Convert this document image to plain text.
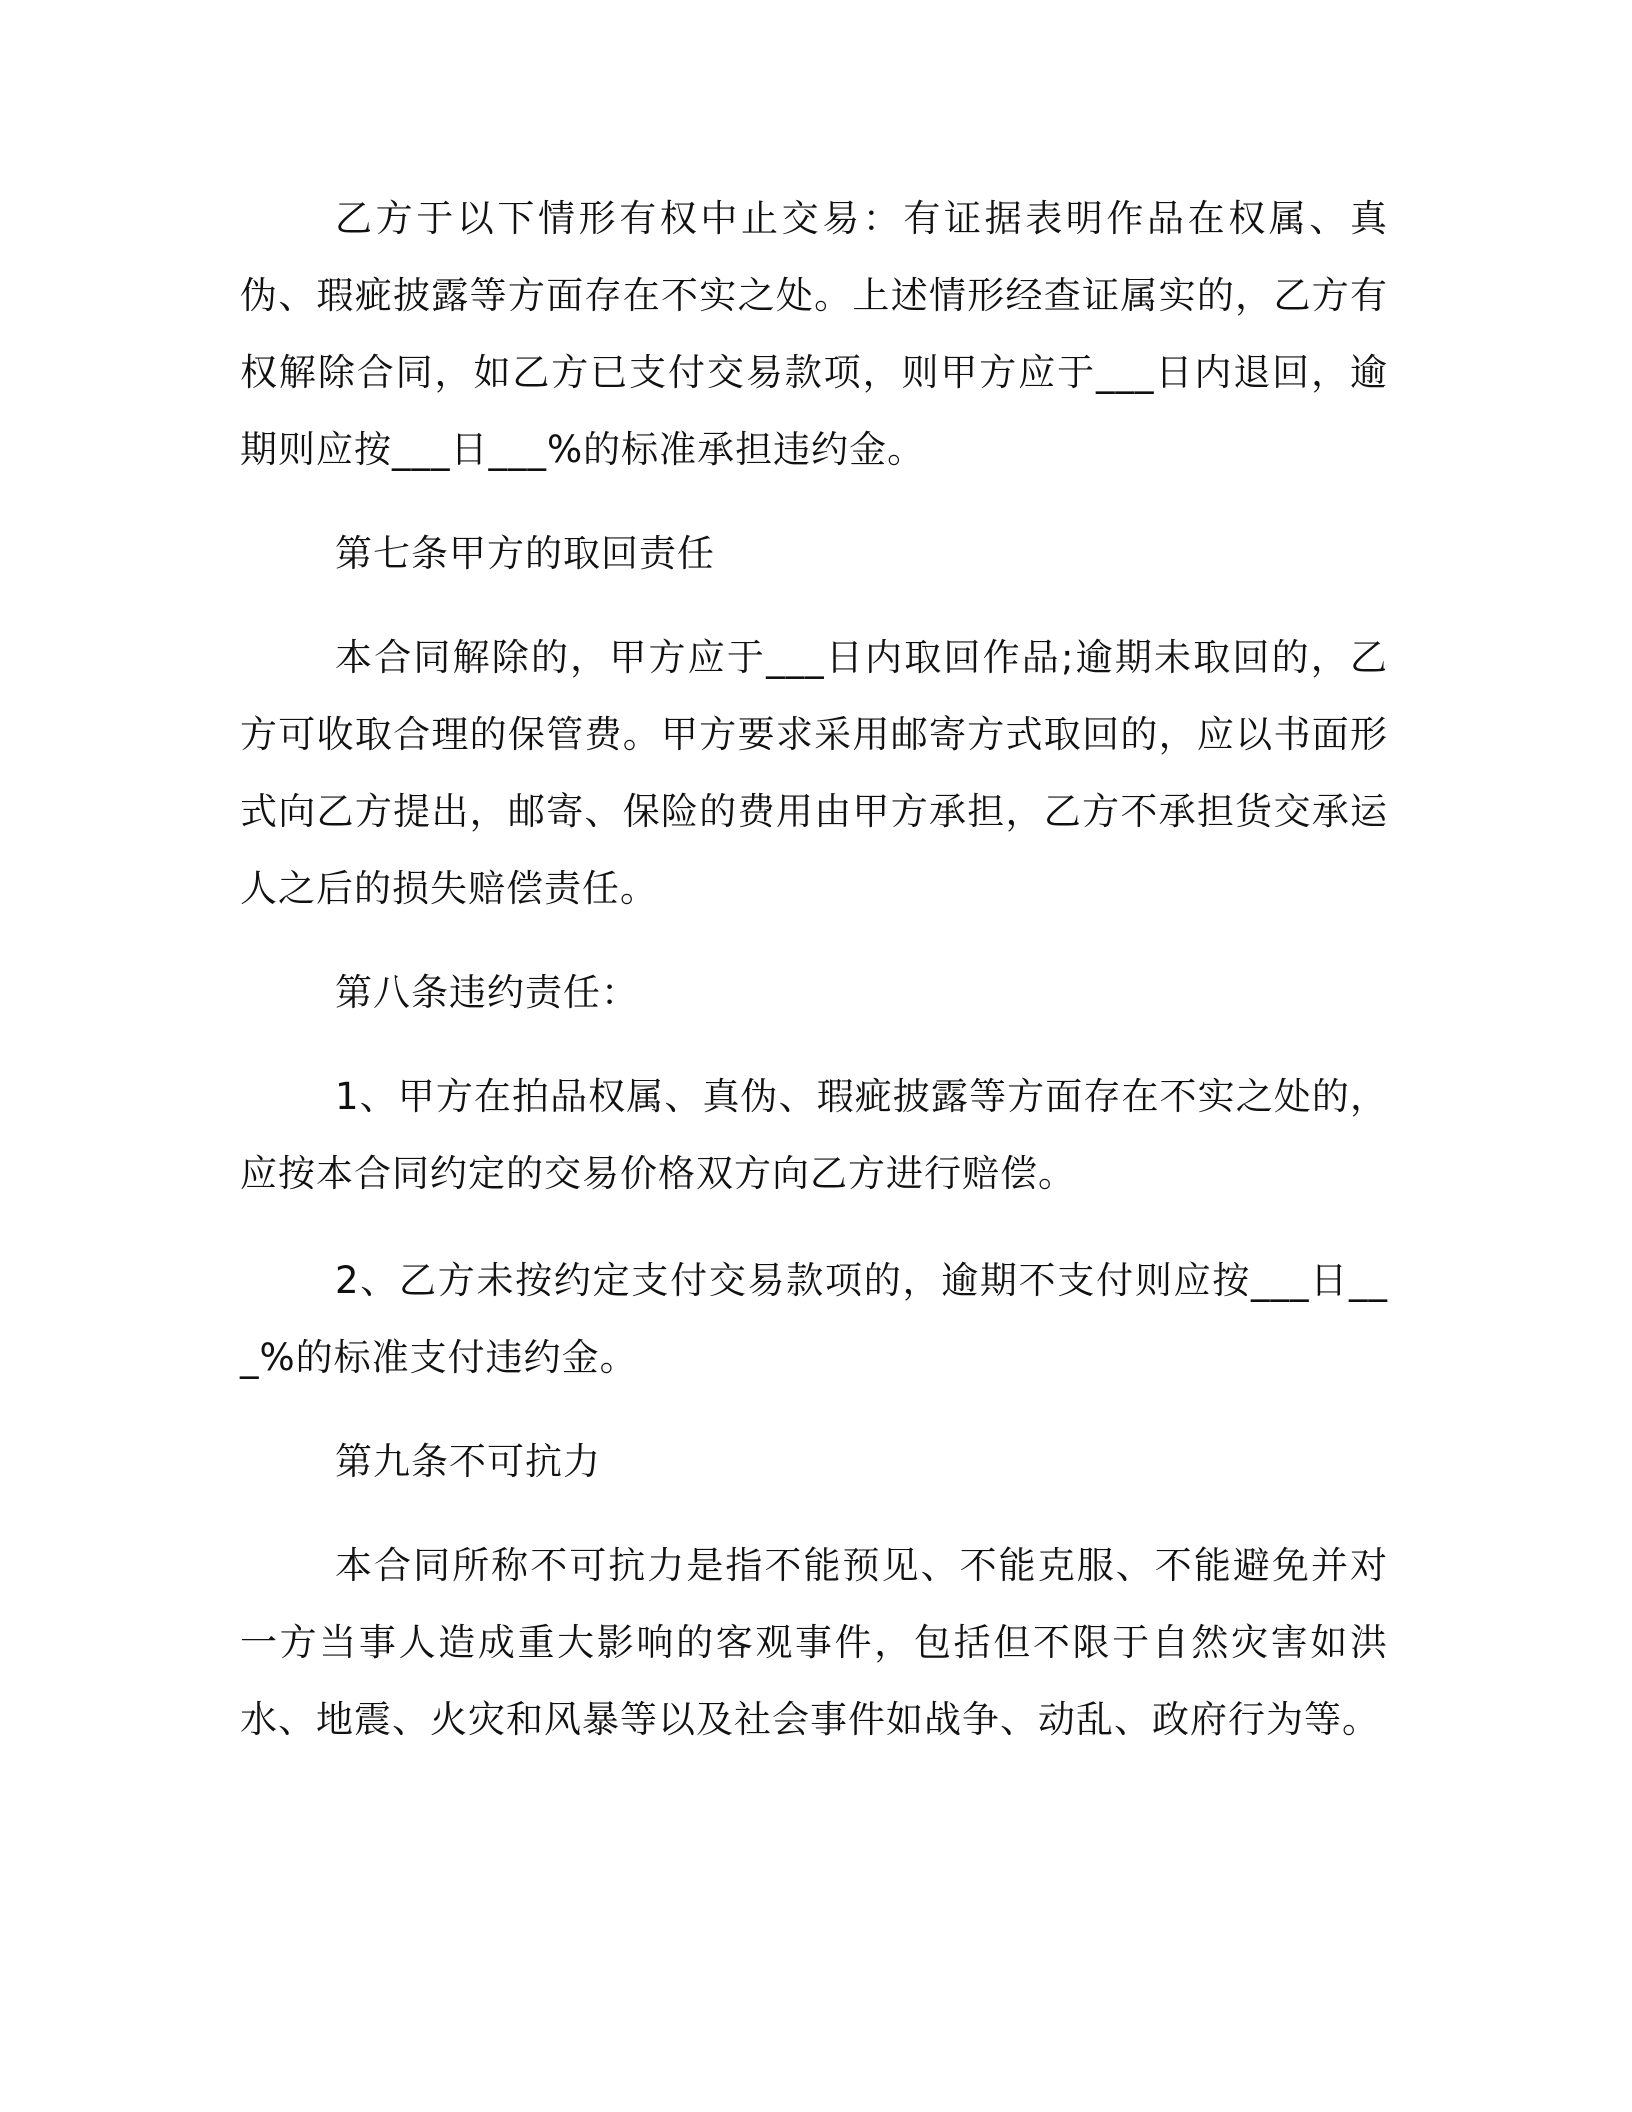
乙方于以下情形有权中止交易：有证据表明作品在权属、真伪、瑕疵披露等方面存在不实之处。上述情形经查证属实的，乙方有权解除合同，如乙方已支付交易款项，则甲方应于___日内退回，逾期则应按___日___%的标准承担违约金。

第七条甲方的取回责任

本合同解除的，甲方应于___日内取回作品;逾期未取回的，乙方可收取合理的保管费。甲方要求采用邮寄方式取回的，应以书面形式向乙方提出，邮寄、保险的费用由甲方承担，乙方不承担货交承运人之后的损失赔偿责任。

第八条违约责任：

1、甲方在拍品权属、真伪、瑕疵披露等方面存在不实之处的，应按本合同约定的交易价格双方向乙方进行赔偿。

2、乙方未按约定支付交易款项的，逾期不支付则应按___日___%的标准支付违约金。

第九条不可抗力

本合同所称不可抗力是指不能预见、不能克服、不能避免并对一方当事人造成重大影响的客观事件，包括但不限于自然灾害如洪水、地震、火灾和风暴等以及社会事件如战争、动乱、政府行为等。
